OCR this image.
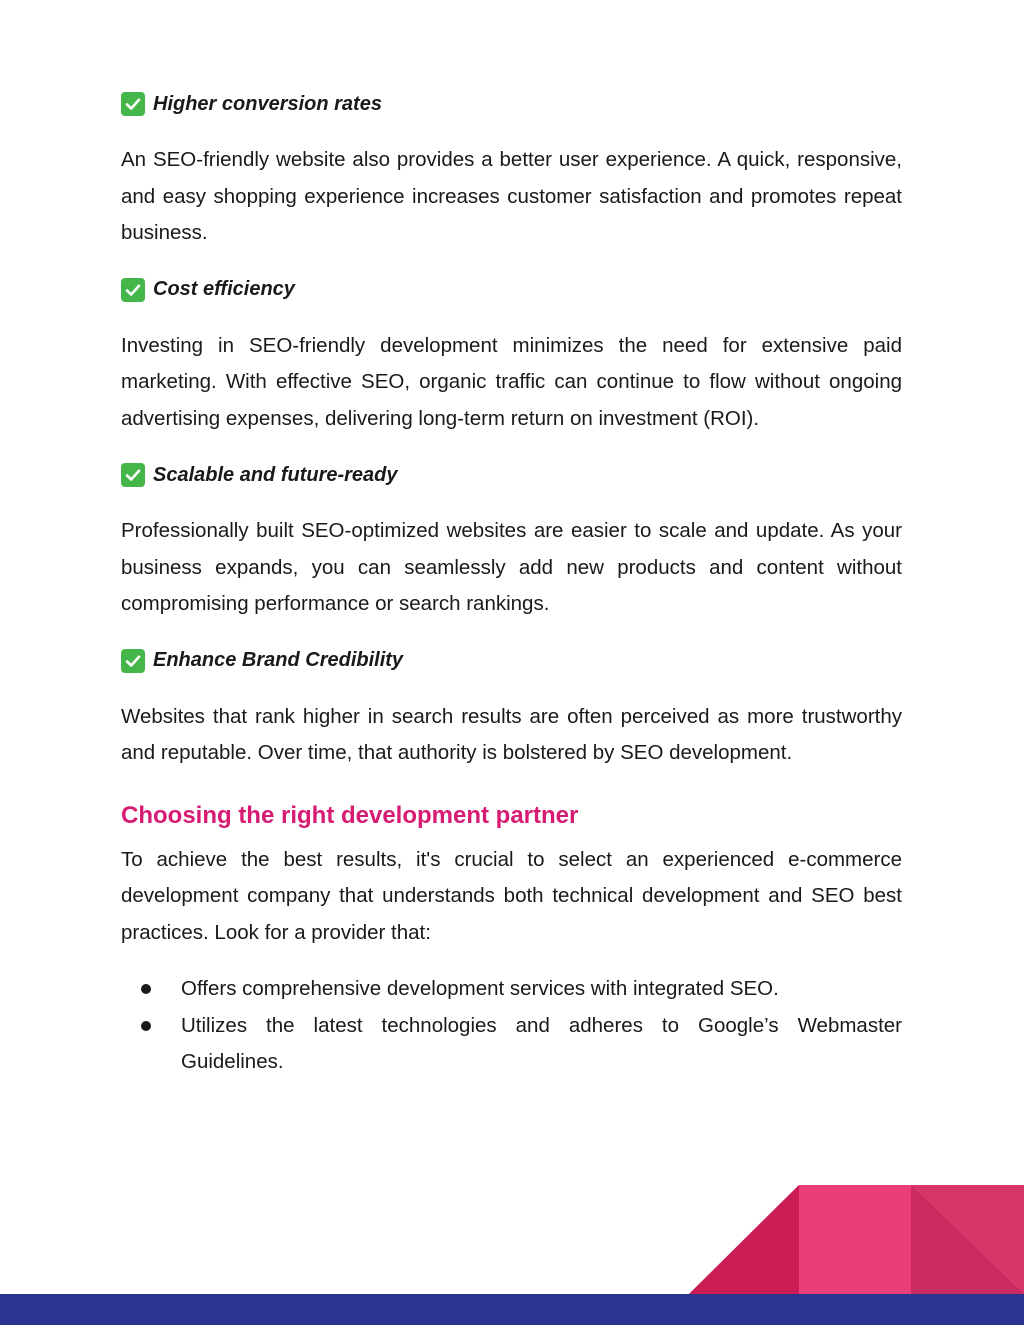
Higher conversion rates

An SEO-friendly website also provides a better user experience. A quick, responsive, and easy shopping experience increases customer satisfaction and promotes repeat business.

Cost efficiency

Investing in SEO-friendly development minimizes the need for extensive paid marketing. With effective SEO, organic traffic can continue to flow without ongoing advertising expenses, delivering long-term return on investment (ROI).

Scalable and future-ready

Professionally built SEO-optimized websites are easier to scale and update. As your business expands, you can seamlessly add new products and content without compromising performance or search rankings.

Enhance Brand Credibility

Websites that rank higher in search results are often perceived as more trustworthy and reputable. Over time, that authority is bolstered by SEO development.

Choosing the right development partner

To achieve the best results, it's crucial to select an experienced e-commerce development company that understands both technical development and SEO best practices. Look for a provider that:

Offers comprehensive development services with integrated SEO.
Utilizes the latest technologies and adheres to Google’s Webmaster Guidelines.
